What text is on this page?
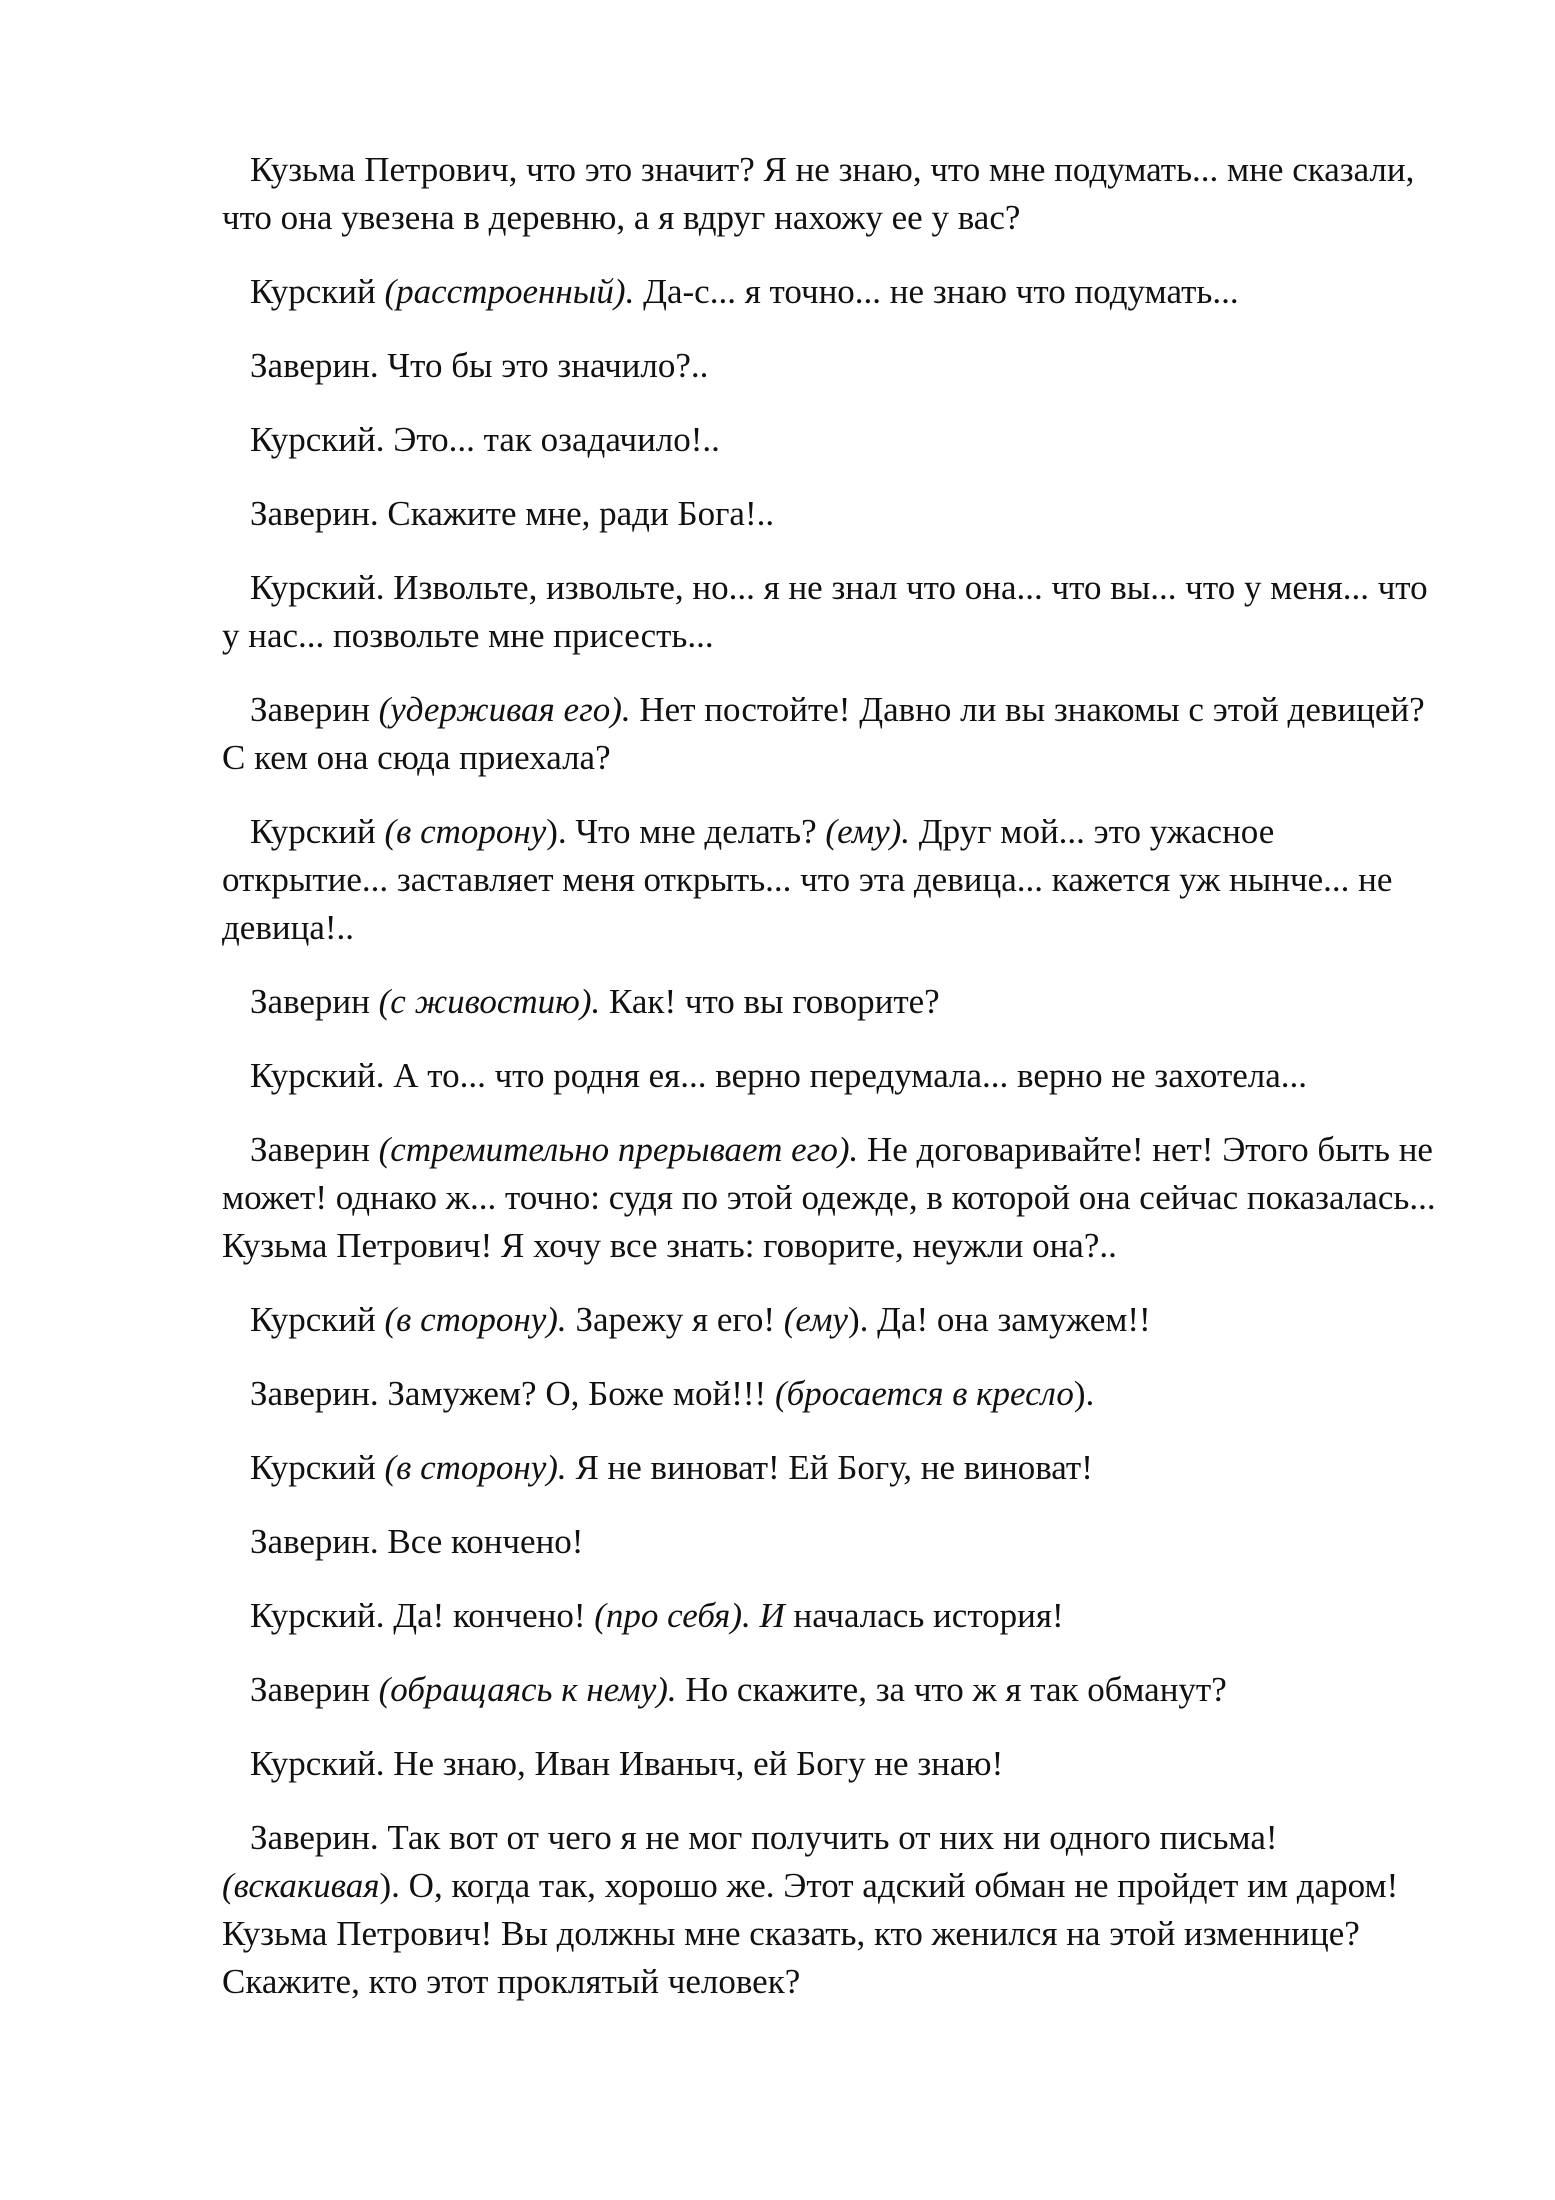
Кузьма Петрович, что это значит? Я не знаю, что мне подумать... мне сказали, что она увезена в деревню, а я вдруг нахожу ее у вас?

Курский (расстроенный). Да-с... я точно... не знаю что подумать...

Заверин. Что бы это значило?..

Курский. Это... так озадачило!..

Заверин. Скажите мне, ради Бога!..

Курский. Извольте, извольте, но... я не знал что она... что вы... что у меня... что у нас... позвольте мне присесть...

Заверин (удерживая его). Нет постойте! Давно ли вы знакомы с этой девицей? С кем она сюда приехала?

Курский (в сторону). Что мне делать? (ему). Друг мой... это ужасное открытие... заставляет меня открыть... что эта девица... кажется уж нынче... не девица!..

Заверин (с живостию). Как! что вы говорите?

Курский. А то... что родня ея... верно передумала... верно не захотела...

Заверин (стремительно прерывает его). Не договаривайте! нет! Этого быть не может! однако ж... точно: судя по этой одежде, в которой она сейчас показалась... Кузьма Петрович! Я хочу все знать: говорите, неужли она?..

Курский (в сторону). Зарежу я его! (ему). Да! она замужем!!

Заверин. Замужем? О, Боже мой!!! (бросается в кресло).

Курский (в сторону). Я не виноват! Ей Богу, не виноват!

Заверин. Все кончено!

Курский. Да! кончено! (про себя). И началась история!

Заверин (обращаясь к нему). Но скажите, за что ж я так обманут?

Курский. Не знаю, Иван Иваныч, ей Богу не знаю!

Заверин. Так вот от чего я не мог получить от них ни одного письма! (вскакивая). О, когда так, хорошо же. Этот адский обман не пройдет им даром! Кузьма Петрович! Вы должны мне сказать, кто женился на этой изменнице? Скажите, кто этот проклятый человек?
